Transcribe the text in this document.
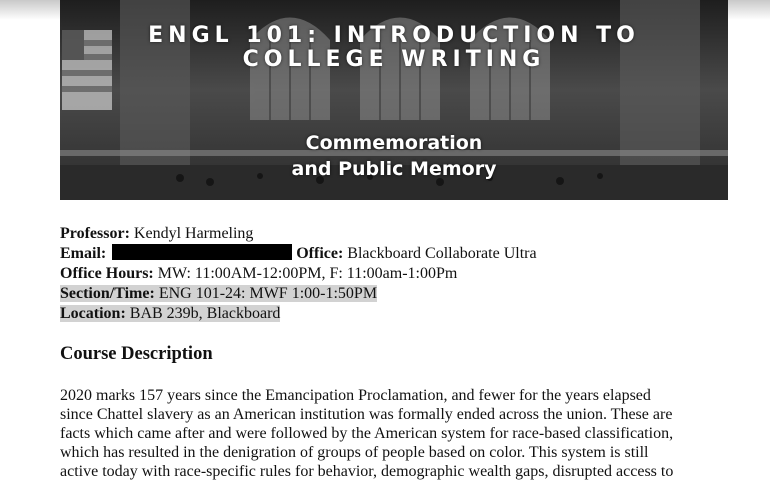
ENGL 101: INTRODUCTION TO
COLLEGE WRITING
Commemoration
and Public Memory
Professor: Kendyl Harmeling
Email:	Office: Blackboard Collaborate Ultra
Office Hours: MW: 11:00AM-12:00PM, F: 11:00am-1:00Pm
Section/Time: ENG 101-24: MWF 1:00-1:50PM
Location: BAB 239b, Blackboard
Course Description
2020 marks 157 years since the Emancipation Proclamation, and fewer for the years elapsed
since Chattel slavery as an American institution was formally ended across the union. These are
facts which came after and were followed by the American system for race-based classification,
which has resulted in the denigration of groups of people based on color. This system is still
active today with race-specific rules for behavior, demographic wealth gaps, disrupted access to
